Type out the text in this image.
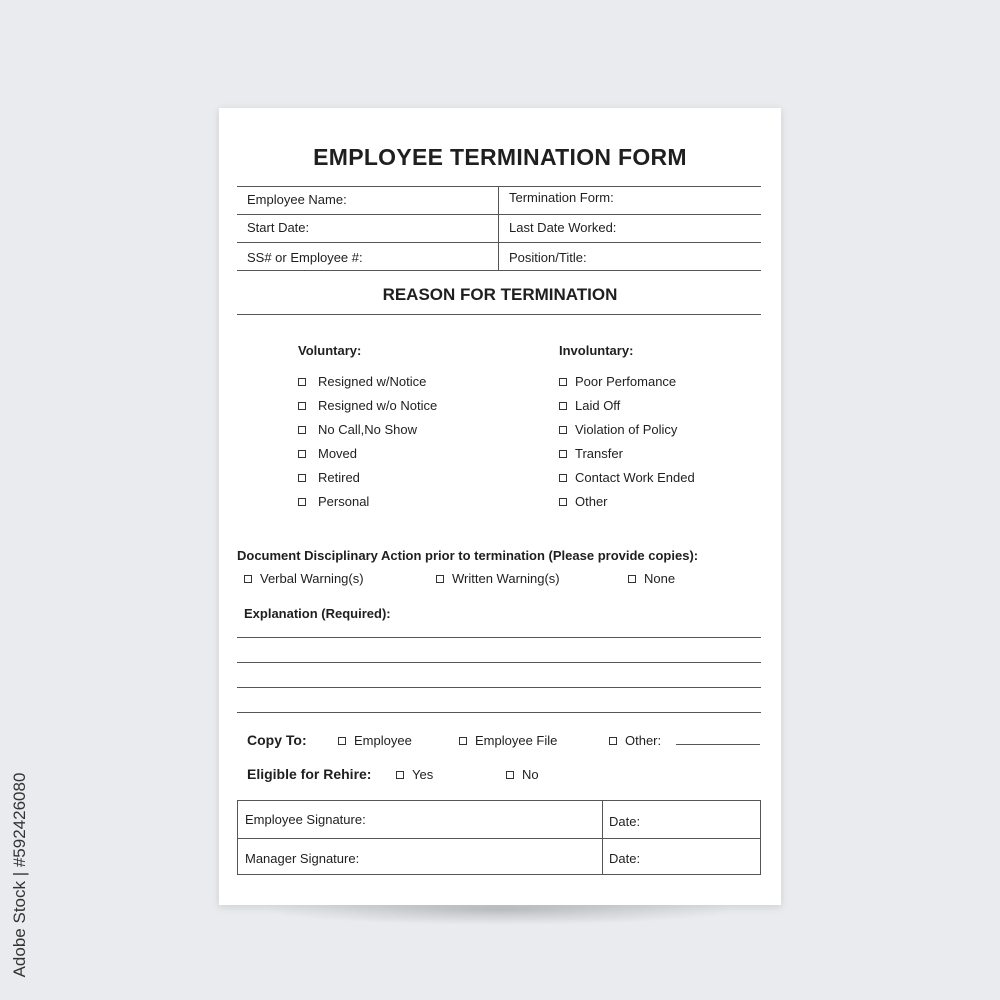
Adobe Stock | #592426080
EMPLOYEE TERMINATION FORM
Employee Name:	Termination Form:
Start Date:	Last Date Worked:
SS# or Employee #:	Position/Title:
REASON FOR TERMINATION
Voluntary:
Resigned w/Notice
Resigned w/o Notice
No Call,No Show
Moved
Retired
Personal
Involuntary:
Poor Perfomance
Laid Off
Violation of Policy
Transfer
Contact Work Ended
Other
Document Disciplinary Action prior to termination (Please provide copies):
Verbal Warning(s)	Written Warning(s)	None
Explanation (Required):
Copy To:	Employee	Employee File	Other:
Eligible for Rehire:	Yes	No
Employee Signature:	Date:
Manager Signature:	Date:
